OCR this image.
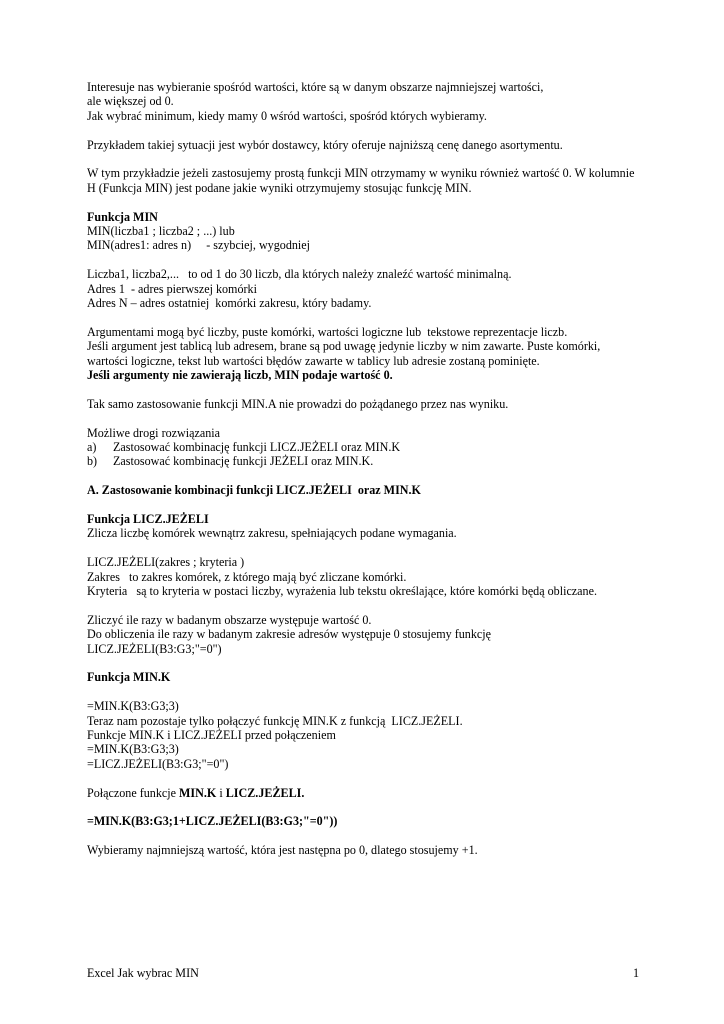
Interesuje nas wybieranie spośród wartości, które są w danym obszarze najmniejszej wartości,
ale większej od 0.
Jak wybrać minimum, kiedy mamy 0 wśród wartości, spośród których wybieramy.
Przykładem takiej sytuacji jest wybór dostawcy, który oferuje najniższą cenę danego asortymentu.
W tym przykładzie jeżeli zastosujemy prostą funkcji MIN otrzymamy w wyniku również wartość 0. W kolumnie
H (Funkcja MIN) jest podane jakie wyniki otrzymujemy stosując funkcję MIN.
Funkcja MIN
MIN(liczba1 ; liczba2 ; ...) lub
MIN(adres1: adres n)     - szybciej, wygodniej
Liczba1, liczba2,...   to od 1 do 30 liczb, dla których należy znaleźć wartość minimalną.
Adres 1  - adres pierwszej komórki
Adres N – adres ostatniej  komórki zakresu, który badamy.
Argumentami mogą być liczby, puste komórki, wartości logiczne lub  tekstowe reprezentacje liczb.
Jeśli argument jest tablicą lub adresem, brane są pod uwagę jedynie liczby w nim zawarte. Puste komórki,
wartości logiczne, tekst lub wartości błędów zawarte w tablicy lub adresie zostaną pominięte.
Jeśli argumenty nie zawierają liczb, MIN podaje wartość 0.
Tak samo zastosowanie funkcji MIN.A nie prowadzi do pożądanego przez nas wyniku.
Możliwe drogi rozwiązania
a)	Zastosować kombinację funkcji LICZ.JEŻELI oraz MIN.K
b)	Zastosować kombinację funkcji JEŻELI oraz MIN.K.
A. Zastosowanie kombinacji funkcji LICZ.JEŻELI  oraz MIN.K
Funkcja LICZ.JEŻELI
Zlicza liczbę komórek wewnątrz zakresu, spełniających podane wymagania.
LICZ.JEŻELI(zakres ; kryteria )
Zakres   to zakres komórek, z którego mają być zliczane komórki.
Kryteria   są to kryteria w postaci liczby, wyrażenia lub tekstu określające, które komórki będą obliczane.
Zliczyć ile razy w badanym obszarze występuje wartość 0.
Do obliczenia ile razy w badanym zakresie adresów występuje 0 stosujemy funkcję
LICZ.JEŻELI(B3:G3;"=0")
Funkcja MIN.K
=MIN.K(B3:G3;3)
Teraz nam pozostaje tylko połączyć funkcję MIN.K z funkcją  LICZ.JEŻELI.
Funkcje MIN.K i LICZ.JEŻELI przed połączeniem
=MIN.K(B3:G3;3)
=LICZ.JEŻELI(B3:G3;"=0")
Połączone funkcje MIN.K i LICZ.JEŻELI.
=MIN.K(B3:G3;1+LICZ.JEŻELI(B3:G3;"=0"))
Wybieramy najmniejszą wartość, która jest następna po 0, dlatego stosujemy +1.
Excel Jak wybrac MIN	1
